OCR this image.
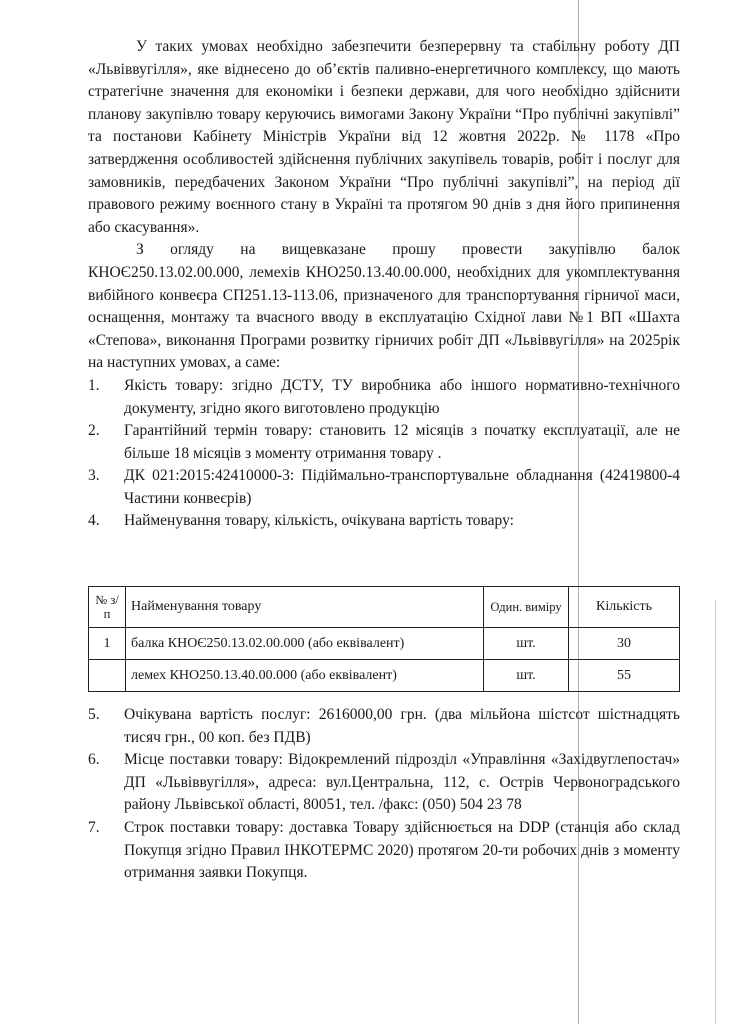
У таких умовах необхідно забезпечити безперервну та стабільну роботу ДП «Львіввугілля», яке віднесено до об’єктів паливно-енергетичного комплексу, що мають стратегічне значення для економіки і безпеки держави, для чого необхідно здійснити планову закупівлю товару керуючись вимогами Закону України “Про публічні закупівлі” та постанови Кабінету Міністрів України від 12 жовтня 2022р. № 1178 «Про затвердження особливостей здійснення публічних закупівель товарів, робіт і послуг для замовників, передбачених Законом України “Про публічні закупівлі”, на період дії правового режиму воєнного стану в Україні та протягом 90 днів з дня його припинення або скасування».

З огляду на вищевказане прошу провести закупівлю балок КНОЄ250.13.02.00.000, лемехів КНО250.13.40.00.000, необхідних для укомплектування вибійного конвеєра СП251.13-113.06, призначеного для транспортування гірничої маси, оснащення, монтажу та вчасного вводу в експлуатацію Східної лави №1 ВП «Шахта «Степова», виконання Програми розвитку гірничих робіт ДП «Львіввугілля» на 2025рік на наступних умовах, а саме:

1.	Якість товару: згідно ДСТУ, ТУ виробника або іншого нормативно-технічного документу, згідно якого виготовлено продукцію
2.	Гарантійний термін товару: становить 12 місяців з початку експлуатації, але не більше 18 місяців з моменту отримання товару .
3.	ДК 021:2015:42410000-3: Підіймально-транспортувальне обладнання (42419800-4 Частини конвеєрів)
4.	Найменування товару, кількість, очікувана вартість товару:
№ з/п	Найменування товару	Один. виміру	Кількість
1	балка КНОЄ250.13.02.00.000 (або еквівалент)	шт.	30
	лемех КНО250.13.40.00.000 (або еквівалент)	шт.	55
5.	Очікувана вартість послуг: 2616000,00 грн. (два мільйона шістсот шістнадцять тисяч грн., 00 коп. без ПДВ)
6.	Місце поставки товару: Відокремлений підрозділ «Управління «Західвуглепостач» ДП «Львіввугілля», адреса: вул.Центральна, 112, с. Острів Червоноградського району Львівської області, 80051, тел. /факс: (050) 504 23 78
7.	Строк поставки товару: доставка Товару здійснюється на DDP (станція або склад Покупця згідно Правил ІНКОТЕРМС 2020) протягом 20-ти робочих днів з моменту отримання заявки Покупця.
